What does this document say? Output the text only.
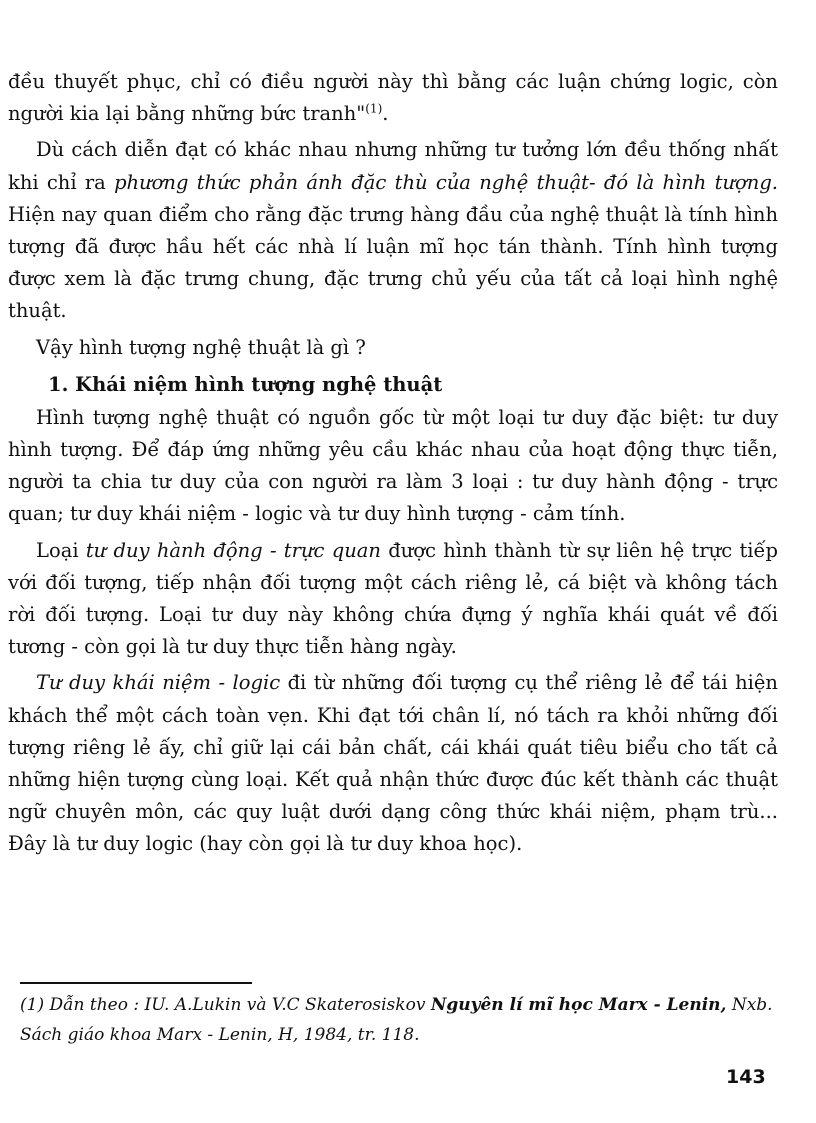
đều thuyết phục, chỉ có điều người này thì bằng các luận chứng logic, còn người kia lại bằng những bức tranh"$^{(1)}$.

Dù cách diễn đạt có khác nhau nhưng những tư tưởng lớn đều thống nhất khi chỉ ra phương thức phản ánh đặc thù của nghệ thuật- đó là hình tượng. Hiện nay quan điểm cho rằng đặc trưng hàng đầu của nghệ thuật là tính hình tượng đã được hầu hết các nhà lí luận mĩ học tán thành. Tính hình tượng được xem là đặc trưng chung, đặc trưng chủ yếu của tất cả loại hình nghệ thuật.

Vậy hình tượng nghệ thuật là gì ?

1. Khái niệm hình tượng nghệ thuật

Hình tượng nghệ thuật có nguồn gốc từ một loại tư duy đặc biệt: tư duy hình tượng. Để đáp ứng những yêu cầu khác nhau của hoạt động thực tiễn, người ta chia tư duy của con người ra làm 3 loại : tư duy hành động - trực quan; tư duy khái niệm - logic và tư duy hình tượng - cảm tính.

Loại tư duy hành động - trực quan được hình thành từ sự liên hệ trực tiếp với đối tượng, tiếp nhận đối tượng một cách riêng lẻ, cá biệt và không tách rời đối tượng. Loại tư duy này không chứa đựng ý nghĩa khái quát về đối tương - còn gọi là tư duy thực tiễn hàng ngày.

Tư duy khái niệm - logic đi từ những đối tượng cụ thể riêng lẻ để tái hiện khách thể một cách toàn vẹn. Khi đạt tới chân lí, nó tách ra khỏi những đối tượng riêng lẻ ấy, chỉ giữ lại cái bản chất, cái khái quát tiêu biểu cho tất cả những hiện tượng cùng loại. Kết quả nhận thức được đúc kết thành các thuật ngữ chuyên môn, các quy luật dưới dạng công thức khái niệm, phạm trù... Đây là tư duy logic (hay còn gọi là tư duy khoa học).

(1) Dẫn theo : IU. A.Lukin và V.C Skaterosiskov Nguyên lí mĩ học Marx - Lenin, Nxb. Sách giáo khoa Marx - Lenin, H, 1984, tr. 118.
143
